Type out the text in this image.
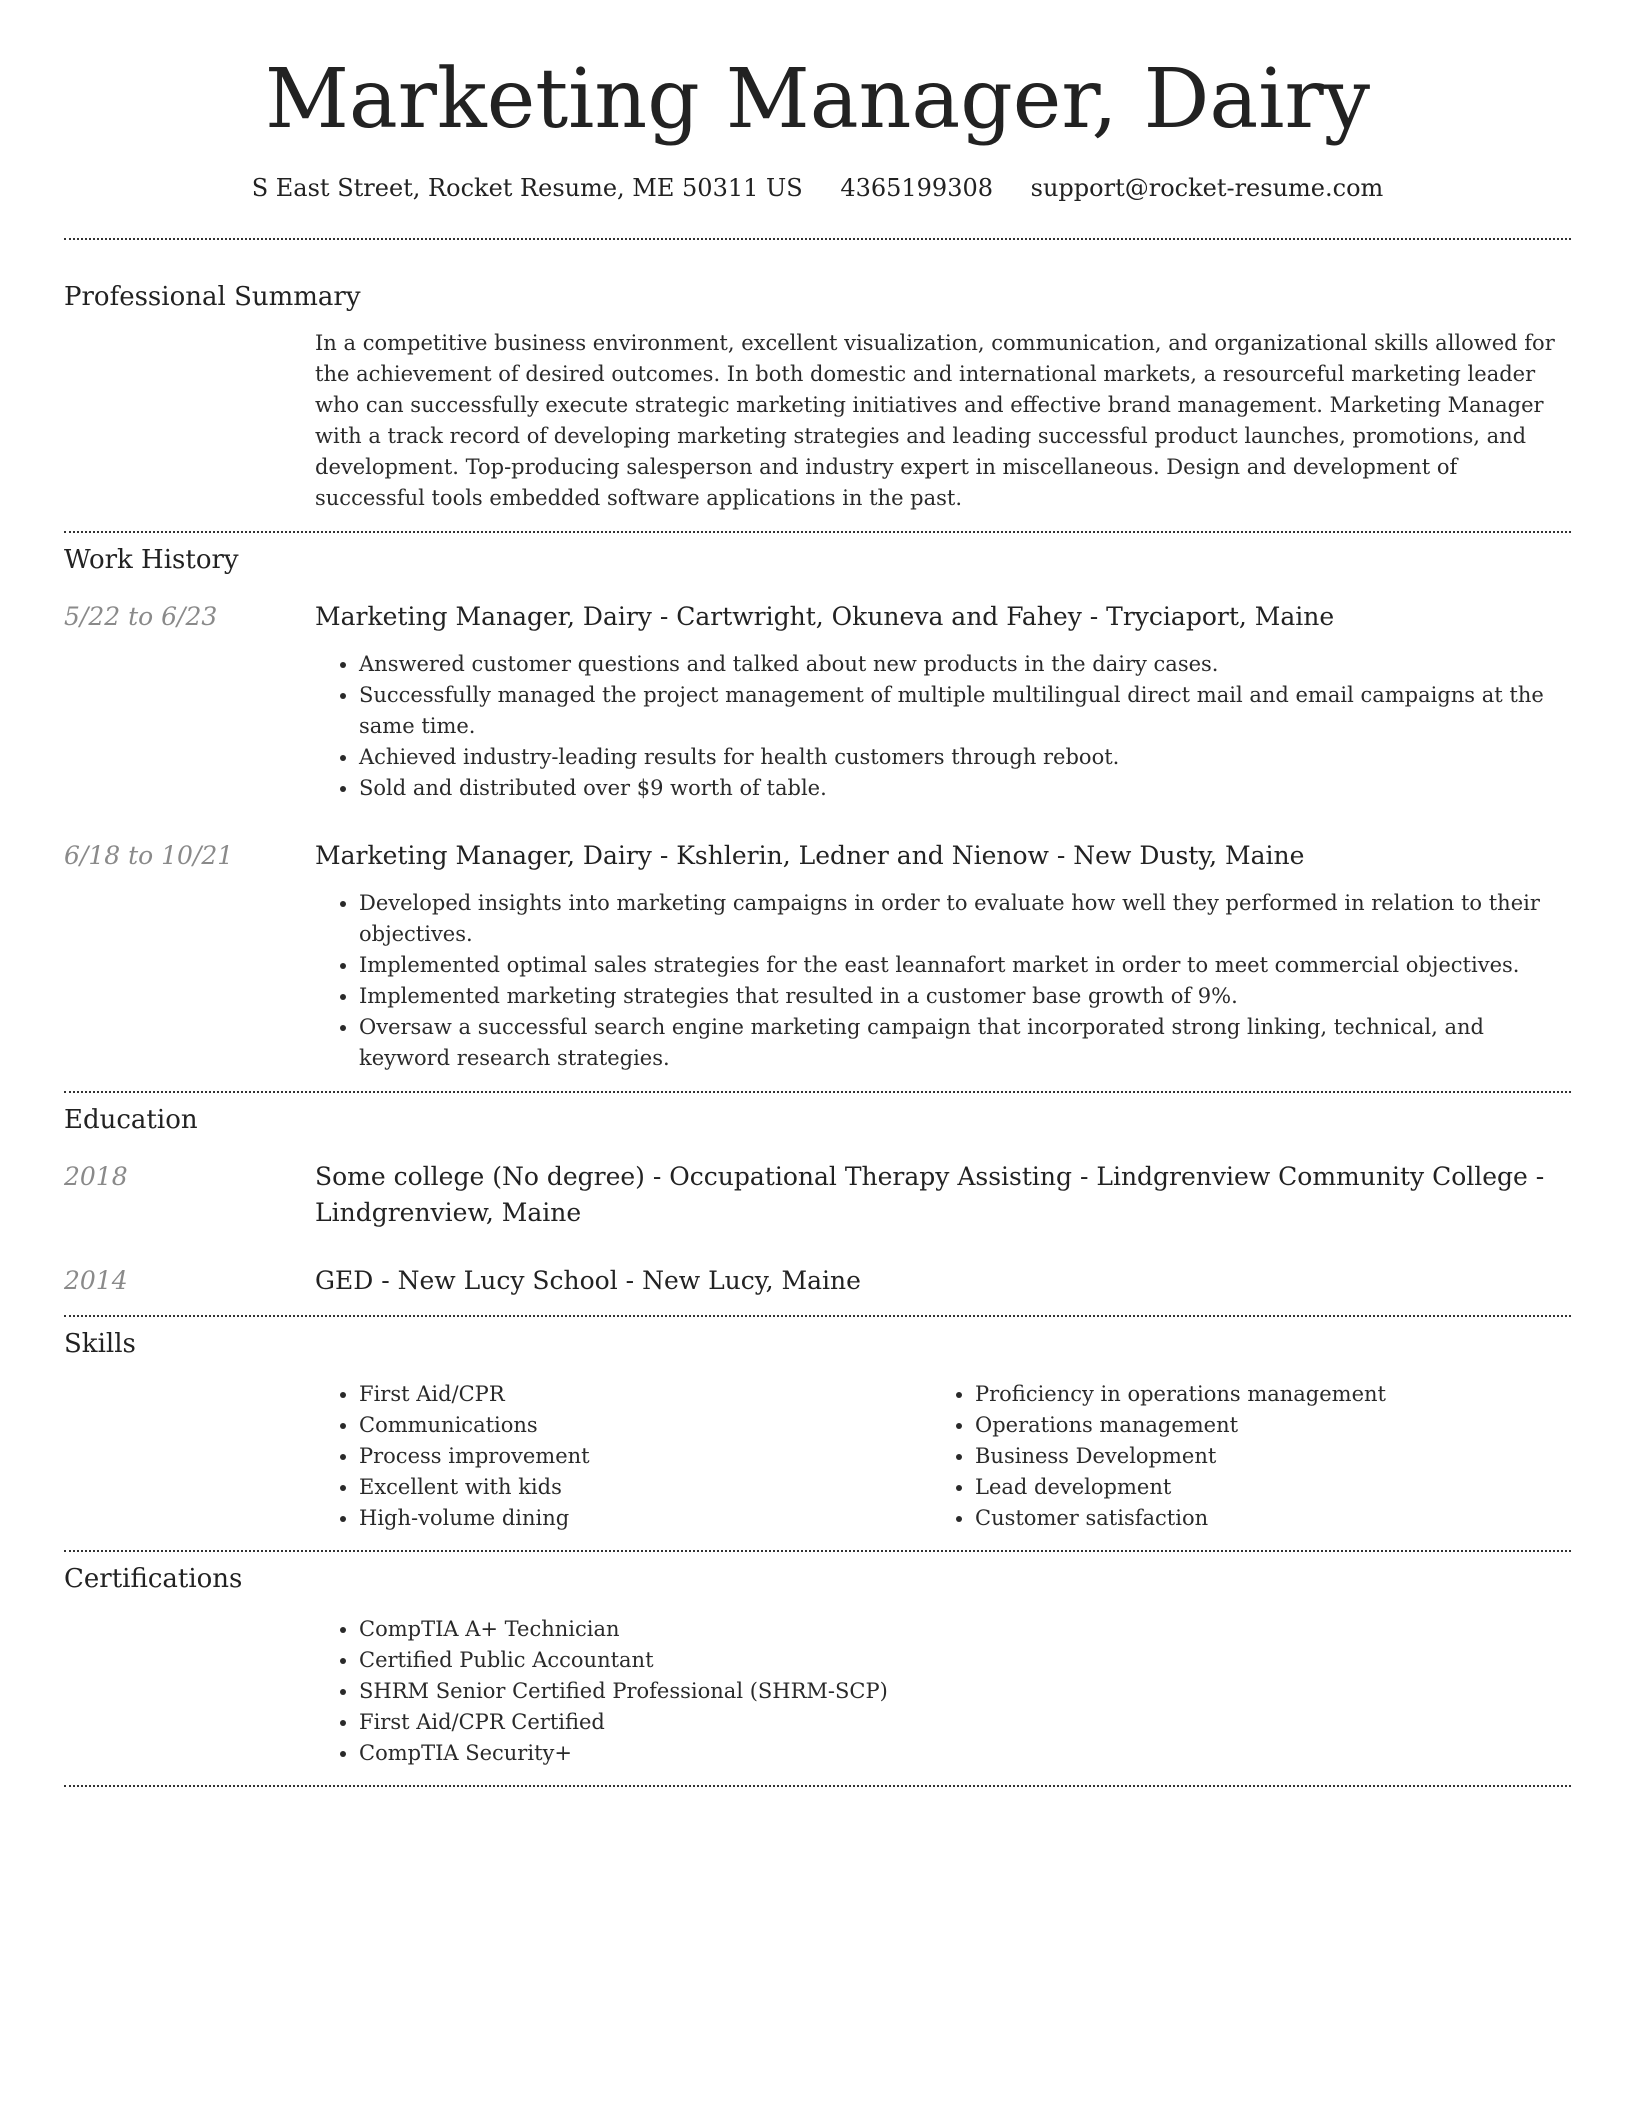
Marketing Manager, Dairy
S East Street, Rocket Resume, ME 50311 US 4365199308 support@rocket-resume.com
Professional Summary

In a competitive business environment, excellent visualization, communication, and organizational skills allowed for the achievement of desired outcomes. In both domestic and international markets, a resourceful marketing leader who can successfully execute strategic marketing initiatives and effective brand management. Marketing Manager with a track record of developing marketing strategies and leading successful product launches, promotions, and development. Top-producing salesperson and industry expert in miscellaneous. Design and development of successful tools embedded software applications in the past.

Work History
5/22 to 6/23	Marketing Manager, Dairy - Cartwright, Okuneva and Fahey - Tryciaport, Maine
• Answered customer questions and talked about new products in the dairy cases.
• Successfully managed the project management of multiple multilingual direct mail and email campaigns at the same time.
• Achieved industry-leading results for health customers through reboot.
• Sold and distributed over $9 worth of table.
6/18 to 10/21	Marketing Manager, Dairy - Kshlerin, Ledner and Nienow - New Dusty, Maine
• Developed insights into marketing campaigns in order to evaluate how well they performed in relation to their objectives.
• Implemented optimal sales strategies for the east leannafort market in order to meet commercial objectives.
• Implemented marketing strategies that resulted in a customer base growth of 9%.
• Oversaw a successful search engine marketing campaign that incorporated strong linking, technical, and keyword research strategies.
Education
2018	Some college (No degree) - Occupational Therapy Assisting - Lindgrenview Community College - Lindgrenview, Maine
2014	GED - New Lucy School - New Lucy, Maine
Skills
• First Aid/CPR
• Communications
• Process improvement
• Excellent with kids
• High-volume dining
• Proficiency in operations management
• Operations management
• Business Development
• Lead development
• Customer satisfaction
Certifications
• CompTIA A+ Technician
• Certified Public Accountant
• SHRM Senior Certified Professional (SHRM-SCP)
• First Aid/CPR Certified
• CompTIA Security+
